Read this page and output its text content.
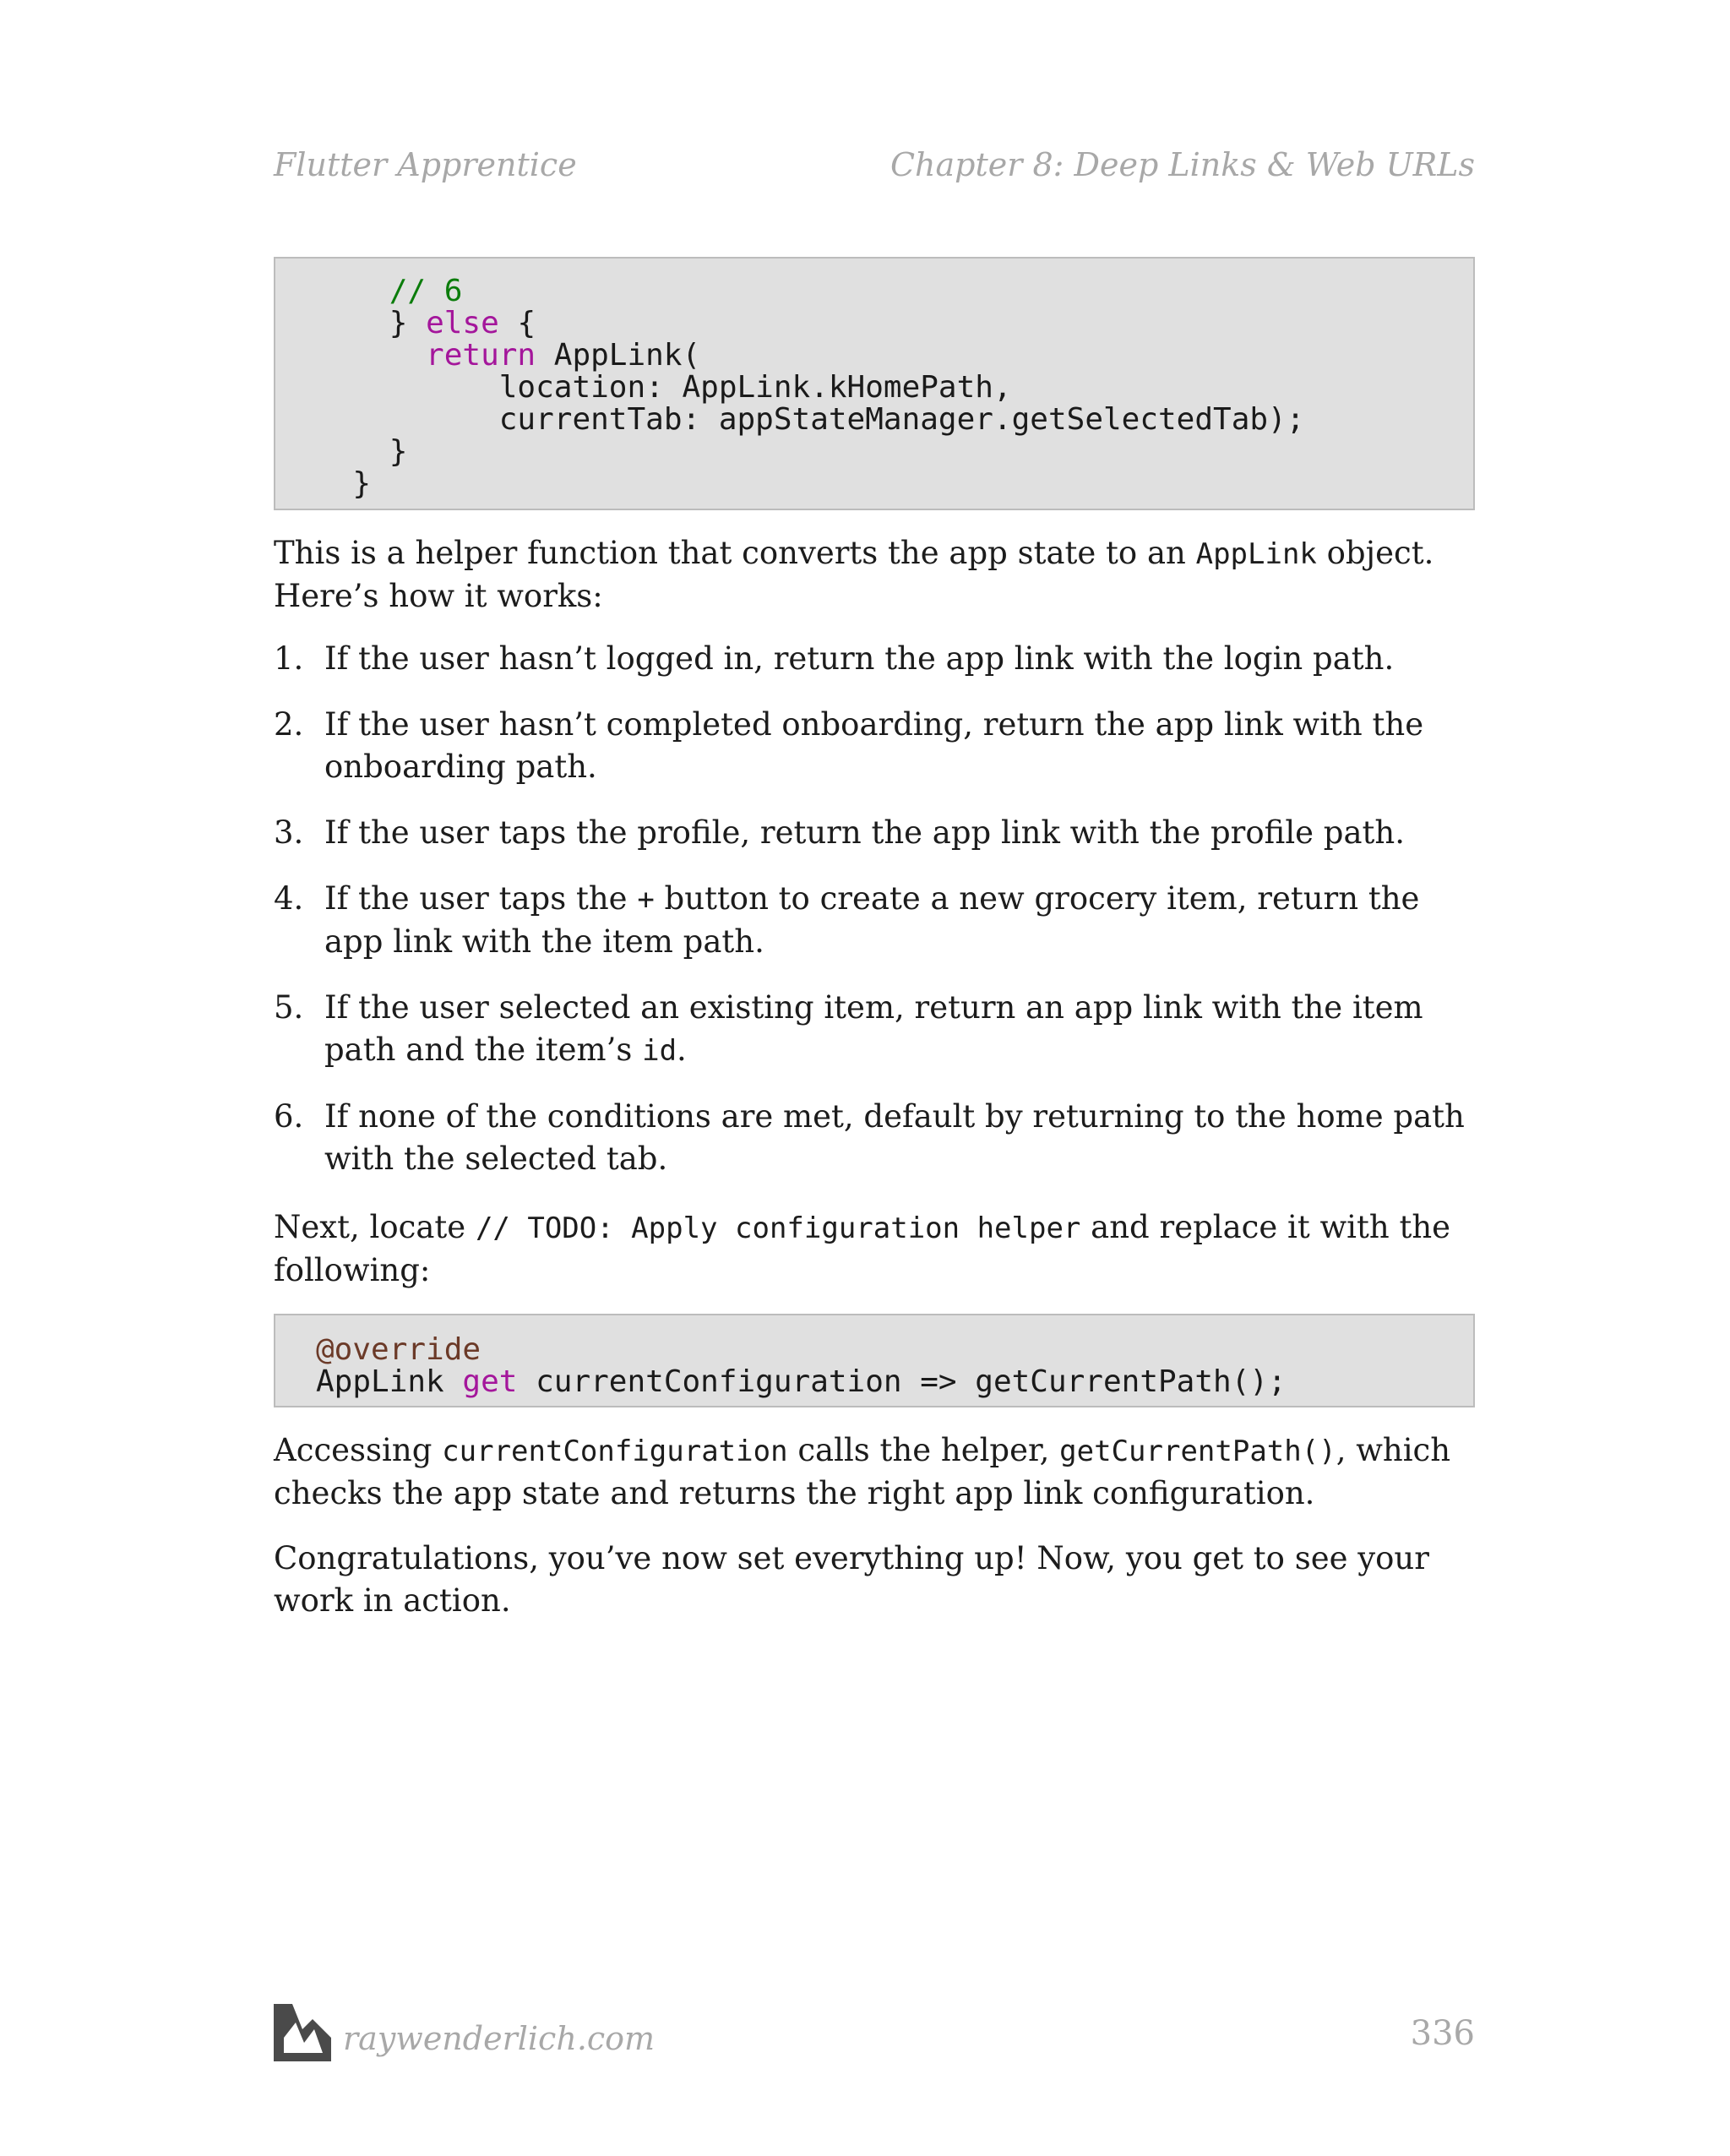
Flutter Apprentice	Chapter 8: Deep Links & Web URLs
// 6
} else {
return AppLink(
location: AppLink.kHomePath,
currentTab: appStateManager.getSelectedTab);
}
}
This is a helper function that converts the app state to an AppLink object. Here’s how it works:
1. If the user hasn’t logged in, return the app link with the login path.
2. If the user hasn’t completed onboarding, return the app link with the onboarding path.
3. If the user taps the profile, return the app link with the profile path.
4. If the user taps the + button to create a new grocery item, return the app link with the item path.
5. If the user selected an existing item, return an app link with the item path and the item’s id.
6. If none of the conditions are met, default by returning to the home path with the selected tab.
Next, locate // TODO: Apply configuration helper and replace it with the following:
@override
AppLink get currentConfiguration => getCurrentPath();
Accessing currentConfiguration calls the helper, getCurrentPath(), which checks the app state and returns the right app link configuration.
Congratulations, you’ve now set everything up! Now, you get to see your work in action.
raywenderlich.com	336
